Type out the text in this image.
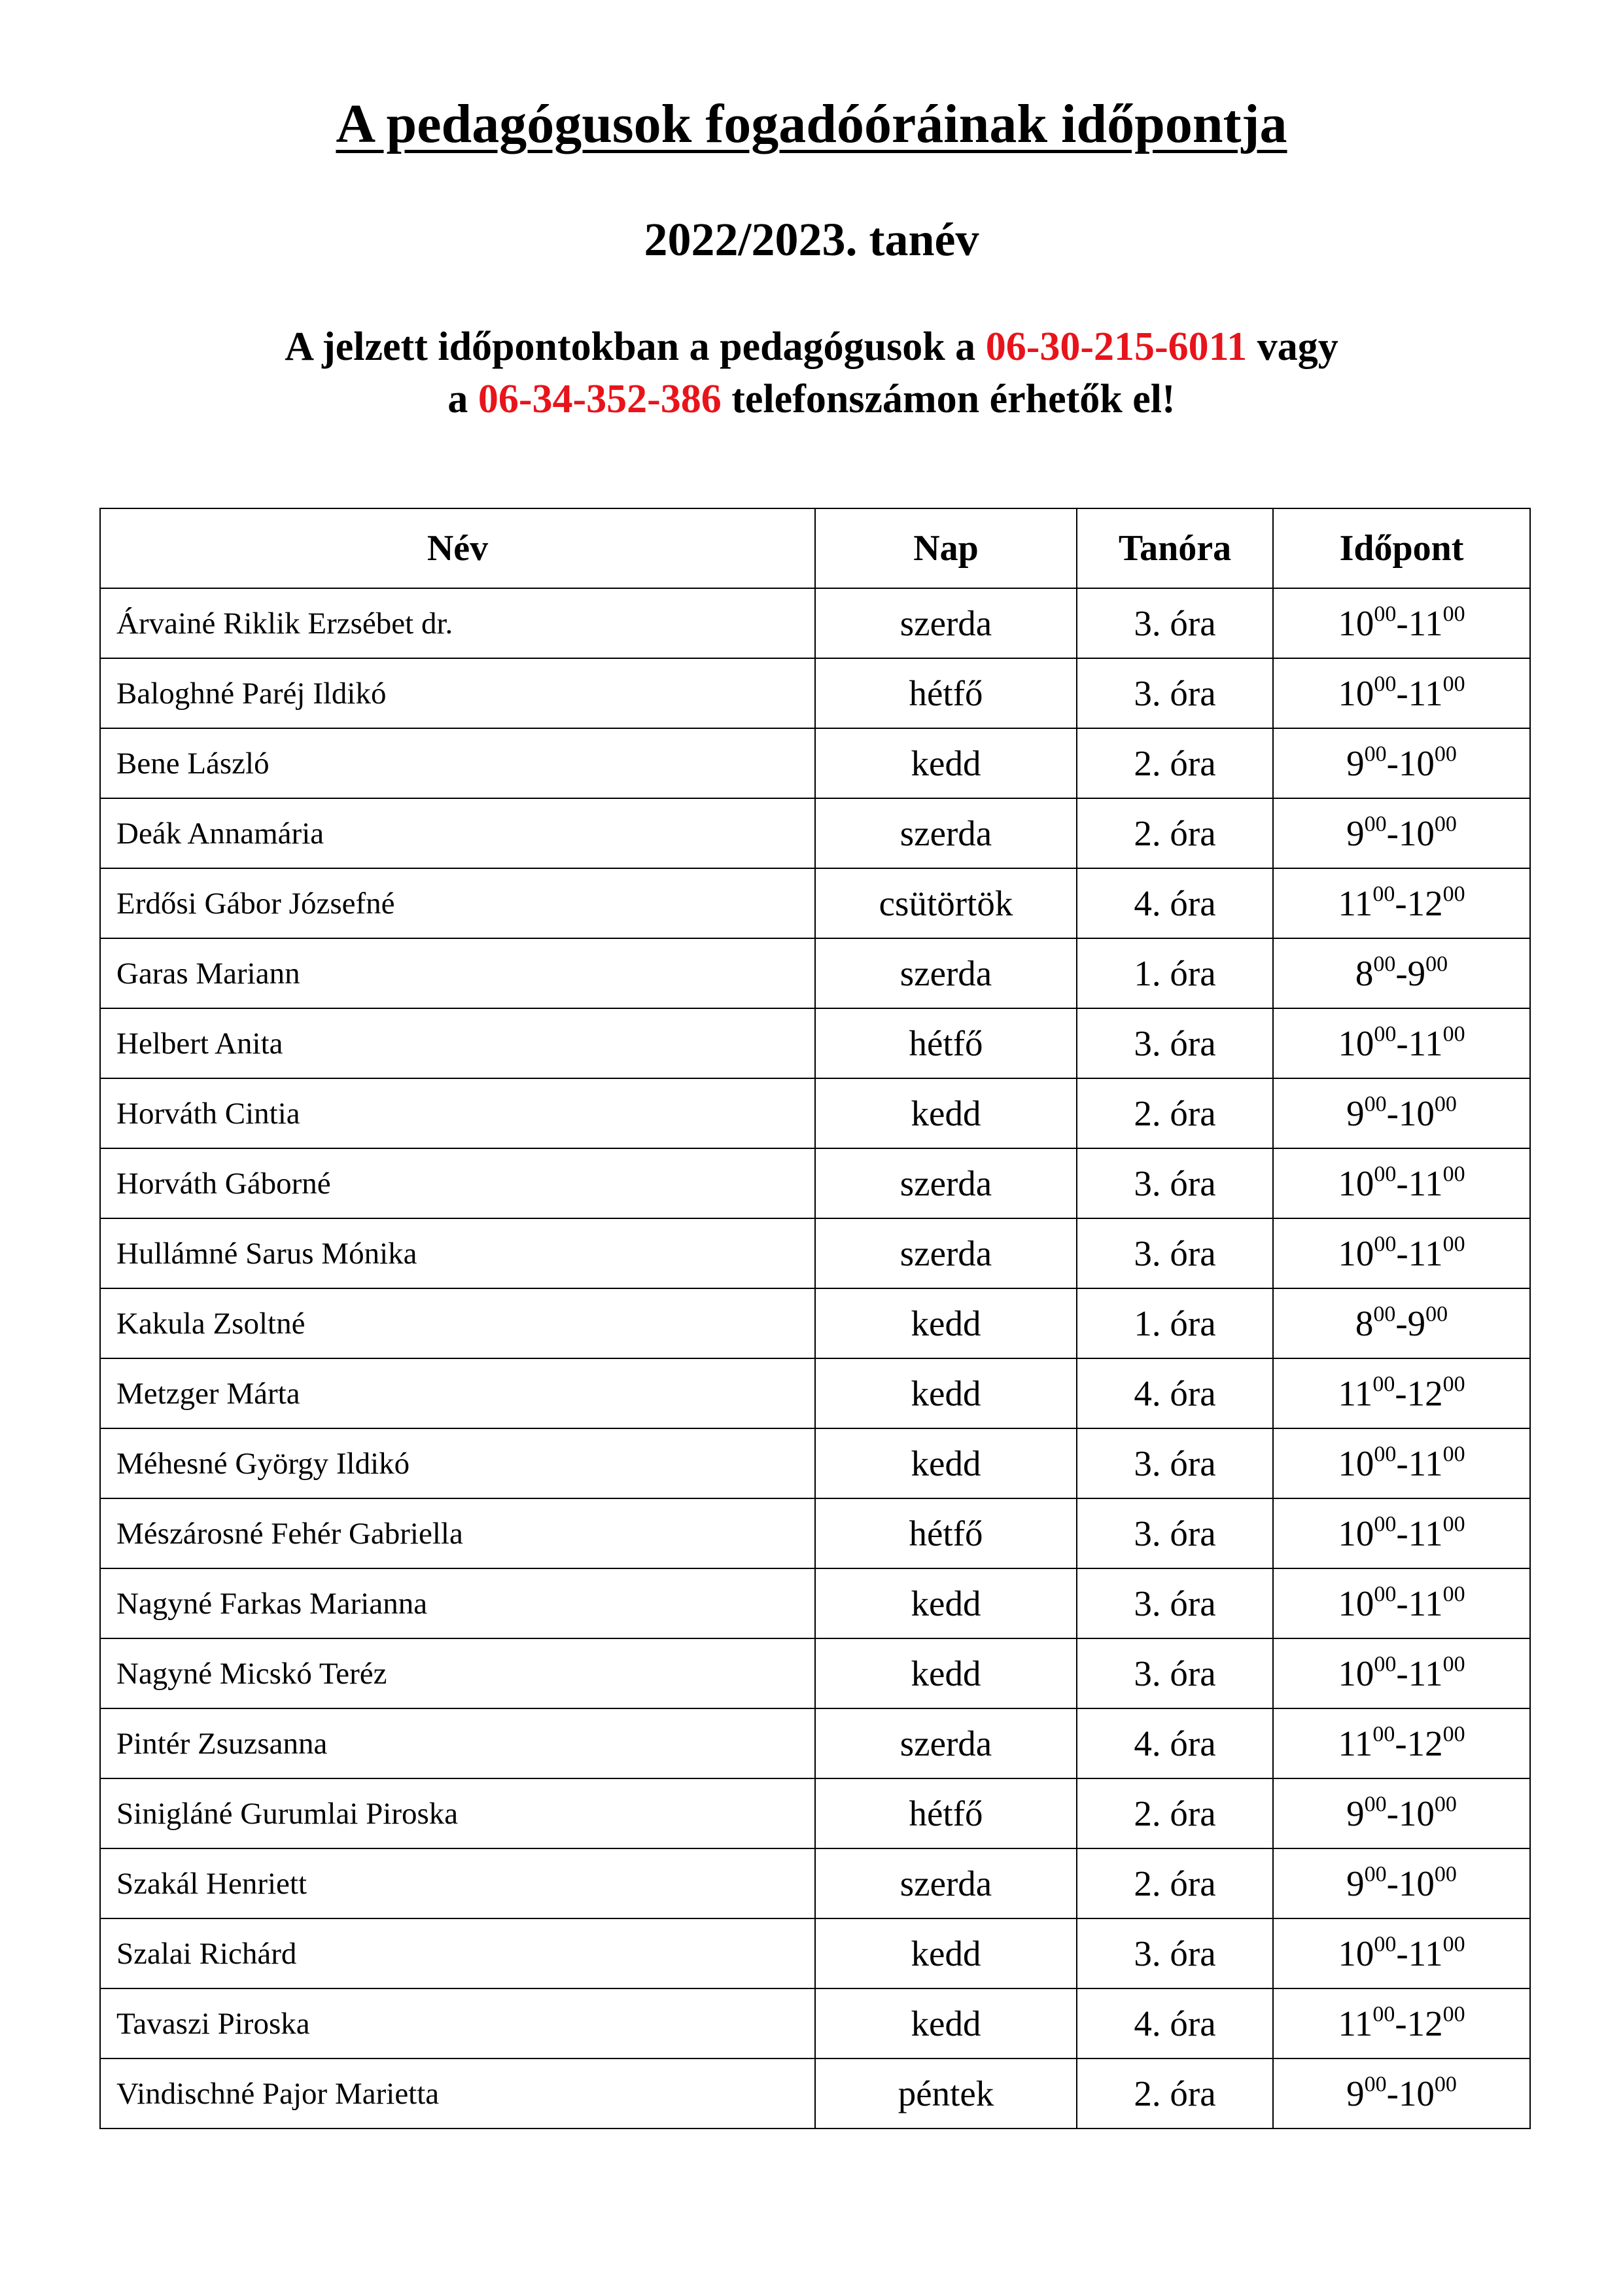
A pedagógusok fogadóóráinak időpontja
2022/2023. tanév
A jelzett időpontokban a pedagógusok a 06-30-215-6011 vagy
a 06-34-352-386 telefonszámon érhetők el!
Név	Nap	Tanóra	Időpont
Árvainé Riklik Erzsébet dr.	szerda	3. óra	$10^{00}-11^{00}$
Baloghné Paréj Ildikó	hétfő	3. óra	$10^{00}-11^{00}$
Bene László	kedd	2. óra	$9^{00}-10^{00}$
Deák Annamária	szerda	2. óra	$9^{00}-10^{00}$
Erdősi Gábor Józsefné	csütörtök	4. óra	$11^{00}-12^{00}$
Garas Mariann	szerda	1. óra	$8^{00}-9^{00}$
Helbert Anita	hétfő	3. óra	$10^{00}-11^{00}$
Horváth Cintia	kedd	2. óra	$9^{00}-10^{00}$
Horváth Gáborné	szerda	3. óra	$10^{00}-11^{00}$
Hullámné Sarus Mónika	szerda	3. óra	$10^{00}-11^{00}$
Kakula Zsoltné	kedd	1. óra	$8^{00}-9^{00}$
Metzger Márta	kedd	4. óra	$11^{00}-12^{00}$
Méhesné György Ildikó	kedd	3. óra	$10^{00}-11^{00}$
Mészárosné Fehér Gabriella	hétfő	3. óra	$10^{00}-11^{00}$
Nagyné Farkas Marianna	kedd	3. óra	$10^{00}-11^{00}$
Nagyné Micskó Teréz	kedd	3. óra	$10^{00}-11^{00}$
Pintér Zsuzsanna	szerda	4. óra	$11^{00}-12^{00}$
Sinigláné Gurumlai Piroska	hétfő	2. óra	$9^{00}-10^{00}$
Szakál Henriett	szerda	2. óra	$9^{00}-10^{00}$
Szalai Richárd	kedd	3. óra	$10^{00}-11^{00}$
Tavaszi Piroska	kedd	4. óra	$11^{00}-12^{00}$
Vindischné Pajor Marietta	péntek	2. óra	$9^{00}-10^{00}$
